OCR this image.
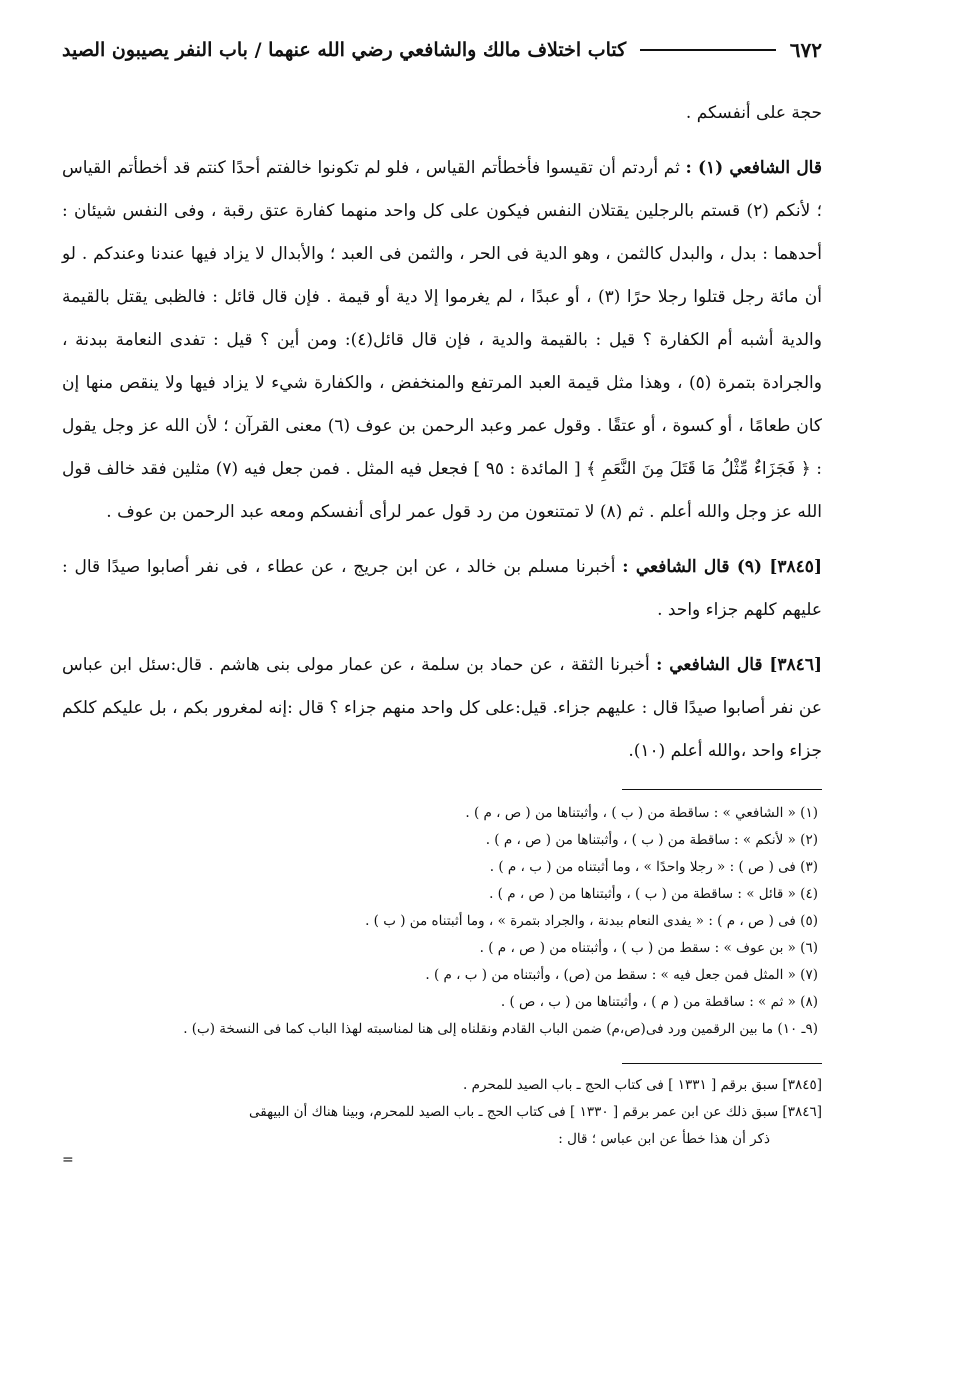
٦٧٢
كتاب اختلاف مالك والشافعي رضي الله عنهما / باب النفر يصيبون الصيد

حجة على أنفسكم .

قال الشافعي (١) : ثم أردتم أن تقيسوا فأخطأتم القياس ، فلو لم تكونوا خالفتم أحدًا كنتم قد أخطأتم القياس ؛ لأنكم (٢) قستم بالرجلين يقتلان النفس فيكون على كل واحد منهما كفارة عتق رقبة ، وفى النفس شيئان : أحدهما : بدل ، والبدل كالثمن ، وهو الدية فى الحر ، والثمن فى العبد ؛ والأبدال لا يزاد فيها عندنا وعندكم . لو أن مائة رجل قتلوا رجلا حرًا (٣) ، أو عبدًا ، لم يغرموا إلا دية أو قيمة . فإن قال قائل : فالظبى يقتل بالقيمة والدية أشبه أم الكفارة ؟ قيل : بالقيمة والدية ، فإن قال قائل(٤): ومن أين ؟ قيل : تفدى النعامة ببدنة ، والجرادة بتمرة (٥) ، وهذا مثل قيمة العبد المرتفع والمنخفض ، والكفارة شيء لا يزاد فيها ولا ينقص منها إن كان طعامًا ، أو كسوة ، أو عتقًا . وقول عمر وعبد الرحمن بن عوف (٦) معنى القرآن ؛ لأن الله عز وجل يقول : ﴿ فَجَزَاءٌ مِّثْلُ مَا قَتَلَ مِنَ النَّعَمِ ﴾ [ المائدة : ٩٥ ] فجعل فيه المثل . فمن جعل فيه (٧) مثلين فقد خالف قول الله عز وجل والله أعلم . ثم (٨) لا تمتنعون من رد قول عمر لرأى أنفسكم ومعه عبد الرحمن بن عوف .

[٣٨٤٥] (٩) قال الشافعي : أخبرنا مسلم بن خالد ، عن ابن جريج ، عن عطاء ، فى نفر أصابوا صيدًا قال : عليهم كلهم جزاء واحد .

[٣٨٤٦] قال الشافعي : أخبرنا الثقة ، عن حماد بن سلمة ، عن عمار مولى بنى هاشم . قال:سئل ابن عباس عن نفر أصابوا صيدًا قال : عليهم جزاء. قيل:على كل واحد منهم جزاء ؟ قال :إنه لمغرور بكم ، بل عليكم كلكم جزاء واحد ،والله أعلم (١٠).

(١) « الشافعي » : ساقطة من ( ب ) ، وأثبتناها من ( ص ، م ) .
(٢) « لأنكم » : ساقطة من ( ب ) ، وأثبتناها من ( ص ، م ) .
(٣) فى ( ص ) : « رجلا واحدًا » ، وما أثبتناه من ( ب ، م ) .
(٤) « قائل » : ساقطة من ( ب ) ، وأثبتناها من ( ص ، م ) .
(٥) فى ( ص ، م ) : « يفدى النعام ببدنة ، والجراد بتمرة » ، وما أثبتناه من ( ب ) .
(٦) « بن عوف » : سقط من ( ب ) ، وأثبتناه من ( ص ، م ) .
(٧) « المثل فمن جعل فيه » : سقط من (ص) ، وأثبتناه من ( ب ، م ) .
(٨) « ثم » : ساقطة من ( م ) ، وأثبتناها من ( ب ، ص ) .
(٩ـ ١٠) ما بين الرقمين ورد فى(ص،م) ضمن الباب القادم ونقلناه إلى هنا لمناسبته لهذا الباب كما فى النسخة (ب) .
[٣٨٤٥] سبق برقم [ ١٣٣١ ] فى كتاب الحج ـ باب الصيد للمحرم .
[٣٨٤٦] سبق ذلك عن ابن عمر برقم [ ١٣٣٠ ] فى كتاب الحج ـ باب الصيد للمحرم، وبينا هناك أن البيهقى
ذكر أن هذا خطأ عن ابن عباس ؛ قال :
=
